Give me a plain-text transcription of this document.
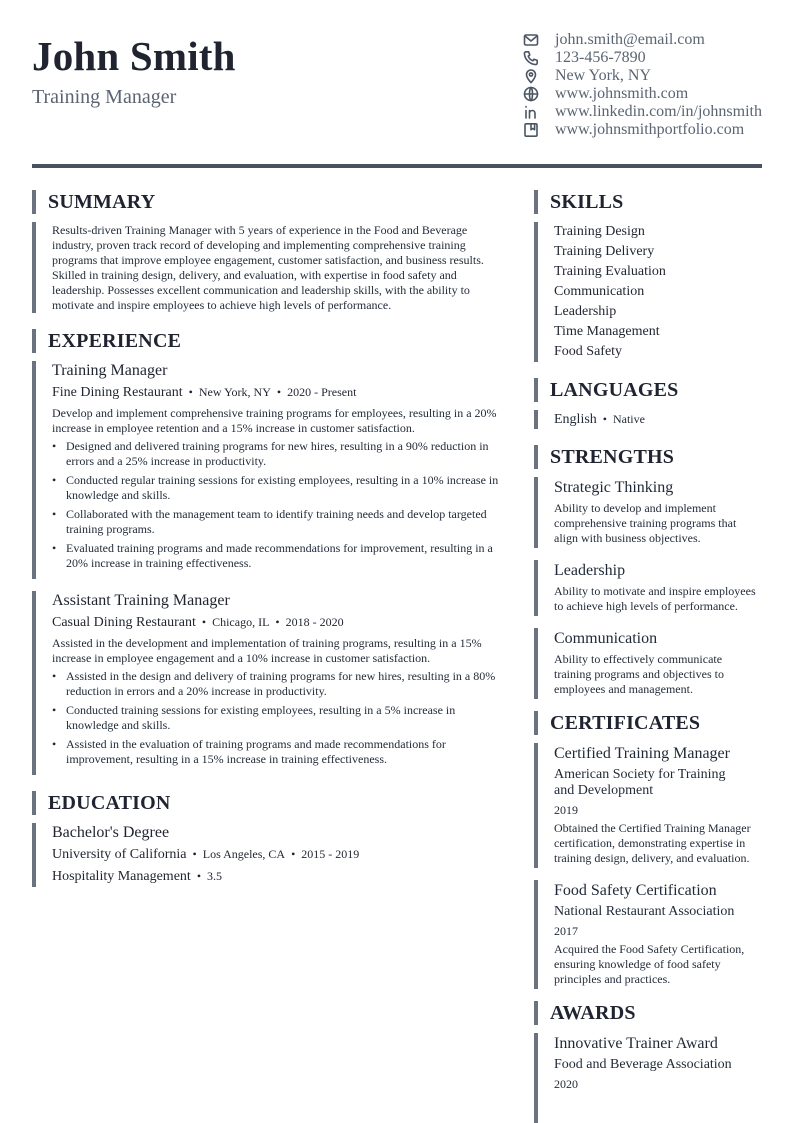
John Smith
Training Manager
john.smith@email.com
123-456-7890
New York, NY
www.johnsmith.com
www.linkedin.com/in/johnsmith
www.johnsmithportfolio.com
SUMMARY
Results-driven Training Manager with 5 years of experience in the Food and Beverage industry, proven track record of developing and implementing comprehensive training programs that improve employee engagement, customer satisfaction, and business results. Skilled in training design, delivery, and evaluation, with expertise in food safety and leadership. Possesses excellent communication and leadership skills, with the ability to motivate and inspire employees to achieve high levels of performance.
EXPERIENCE
Training Manager
Fine Dining Restaurant • New York, NY • 2020 - Present
Develop and implement comprehensive training programs for employees, resulting in a 20% increase in employee retention and a 15% increase in customer satisfaction.
• Designed and delivered training programs for new hires, resulting in a 90% reduction in errors and a 25% increase in productivity.
• Conducted regular training sessions for existing employees, resulting in a 10% increase in knowledge and skills.
• Collaborated with the management team to identify training needs and develop targeted training programs.
• Evaluated training programs and made recommendations for improvement, resulting in a 20% increase in training effectiveness.
Assistant Training Manager
Casual Dining Restaurant • Chicago, IL • 2018 - 2020
Assisted in the development and implementation of training programs, resulting in a 15% increase in employee engagement and a 10% increase in customer satisfaction.
• Assisted in the design and delivery of training programs for new hires, resulting in a 80% reduction in errors and a 20% increase in productivity.
• Conducted training sessions for existing employees, resulting in a 5% increase in knowledge and skills.
• Assisted in the evaluation of training programs and made recommendations for improvement, resulting in a 15% increase in training effectiveness.
EDUCATION
Bachelor's Degree
University of California • Los Angeles, CA • 2015 - 2019
Hospitality Management • 3.5
SKILLS
Training Design
Training Delivery
Training Evaluation
Communication
Leadership
Time Management
Food Safety
LANGUAGES
English • Native
STRENGTHS
Strategic Thinking
Ability to develop and implement comprehensive training programs that align with business objectives.
Leadership
Ability to motivate and inspire employees to achieve high levels of performance.
Communication
Ability to effectively communicate training programs and objectives to employees and management.
CERTIFICATES
Certified Training Manager
American Society for Training and Development
2019
Obtained the Certified Training Manager certification, demonstrating expertise in training design, delivery, and evaluation.
Food Safety Certification
National Restaurant Association
2017
Acquired the Food Safety Certification, ensuring knowledge of food safety principles and practices.
AWARDS
Innovative Trainer Award
Food and Beverage Association
2020
